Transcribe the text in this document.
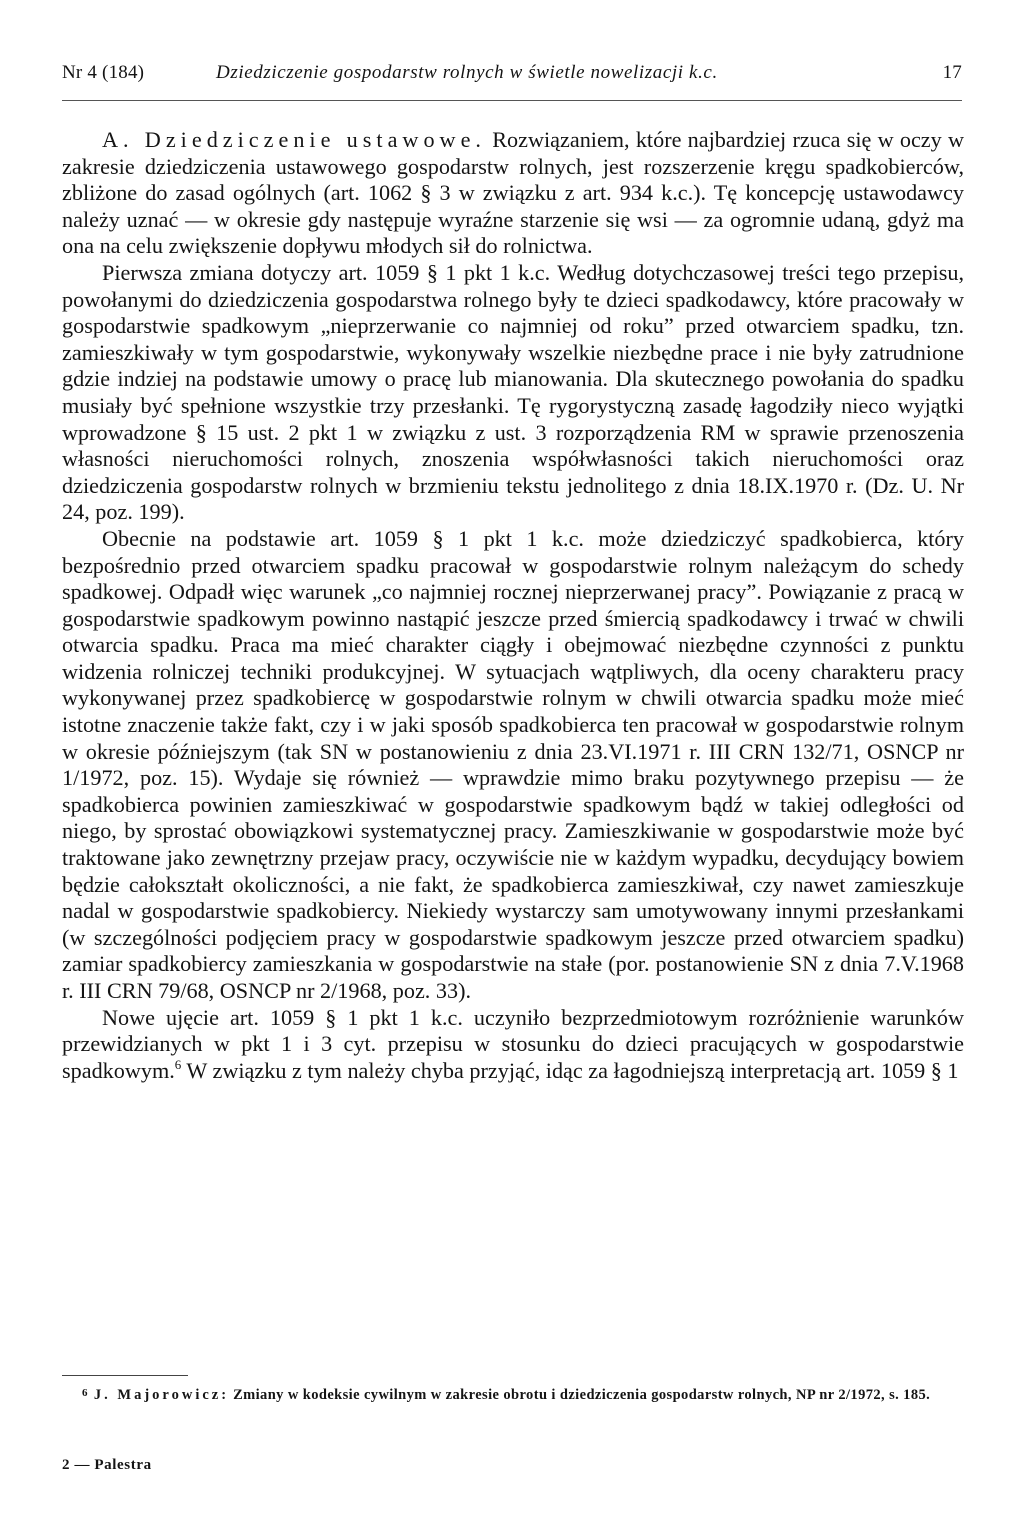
Nr 4 (184)	Dziedziczenie gospodarstw rolnych w świetle nowelizacji k.c.	17

A. Dziedziczenie ustawowe. Rozwiązaniem, które najbardziej rzuca się w oczy w zakresie dziedziczenia ustawowego gospodarstw rolnych, jest rozszerzenie kręgu spadkobierców, zbliżone do zasad ogólnych (art. 1062 § 3 w związku z art. 934 k.c.). Tę koncepcję ustawodawcy należy uznać — w okresie gdy następuje wyraźne starzenie się wsi — za ogromnie udaną, gdyż ma ona na celu zwiększenie dopływu młodych sił do rolnictwa.

Pierwsza zmiana dotyczy art. 1059 § 1 pkt 1 k.c. Według dotychczasowej treści tego przepisu, powołanymi do dziedziczenia gospodarstwa rolnego były te dzieci spadkodawcy, które pracowały w gospodarstwie spadkowym „nieprzerwanie co najmniej od roku” przed otwarciem spadku, tzn. zamieszkiwały w tym gospodarstwie, wykonywały wszelkie niezbędne prace i nie były zatrudnione gdzie indziej na podstawie umowy o pracę lub mianowania. Dla skutecznego powołania do spadku musiały być spełnione wszystkie trzy przesłanki. Tę rygorystyczną zasadę łagodziły nieco wyjątki wprowadzone § 15 ust. 2 pkt 1 w związku z ust. 3 rozporządzenia RM w sprawie przenoszenia własności nieruchomości rolnych, znoszenia współwłasności takich nieruchomości oraz dziedziczenia gospodarstw rolnych w brzmieniu tekstu jednolitego z dnia 18.IX.1970 r. (Dz. U. Nr 24, poz. 199).

Obecnie na podstawie art. 1059 § 1 pkt 1 k.c. może dziedziczyć spadkobierca, który bezpośrednio przed otwarciem spadku pracował w gospodarstwie rolnym należącym do schedy spadkowej. Odpadł więc warunek „co najmniej rocznej nieprzerwanej pracy”. Powiązanie z pracą w gospodarstwie spadkowym powinno nastąpić jeszcze przed śmiercią spadkodawcy i trwać w chwili otwarcia spadku. Praca ma mieć charakter ciągły i obejmować niezbędne czynności z punktu widzenia rolniczej techniki produkcyjnej. W sytuacjach wątpliwych, dla oceny charakteru pracy wykonywanej przez spadkobiercę w gospodarstwie rolnym w chwili otwarcia spadku może mieć istotne znaczenie także fakt, czy i w jaki sposób spadkobierca ten pracował w gospodarstwie rolnym w okresie późniejszym (tak SN w postanowieniu z dnia 23.VI.1971 r. III CRN 132/71, OSNCP nr 1/1972, poz. 15). Wydaje się również — wprawdzie mimo braku pozytywnego przepisu — że spadkobierca powinien zamieszkiwać w gospodarstwie spadkowym bądź w takiej odległości od niego, by sprostać obowiązkowi systematycznej pracy. Zamieszkiwanie w gospodarstwie może być traktowane jako zewnętrzny przejaw pracy, oczywiście nie w każdym wypadku, decydujący bowiem będzie całokształt okoliczności, a nie fakt, że spadkobierca zamieszkiwał, czy nawet zamieszkuje nadal w gospodarstwie spadkobiercy. Niekiedy wystarczy sam umotywowany innymi przesłankami (w szczególności podjęciem pracy w gospodarstwie spadkowym jeszcze przed otwarciem spadku) zamiar spadkobiercy zamieszkania w gospodarstwie na stałe (por. postanowienie SN z dnia 7.V.1968 r. III CRN 79/68, OSNCP nr 2/1968, poz. 33).

Nowe ujęcie art. 1059 § 1 pkt 1 k.c. uczyniło bezprzedmiotowym rozróżnienie warunków przewidzianych w pkt 1 i 3 cyt. przepisu w stosunku do dzieci pracujących w gospodarstwie spadkowym.$^6$ W związku z tym należy chyba przyjąć, idąc za łagodniejszą interpretacją art. 1059 § 1

$^6$ J. Majorowicz: Zmiany w kodeksie cywilnym w zakresie obrotu i dziedziczenia gospodarstw rolnych, NP nr 2/1972, s. 185.
2 — Palestra
